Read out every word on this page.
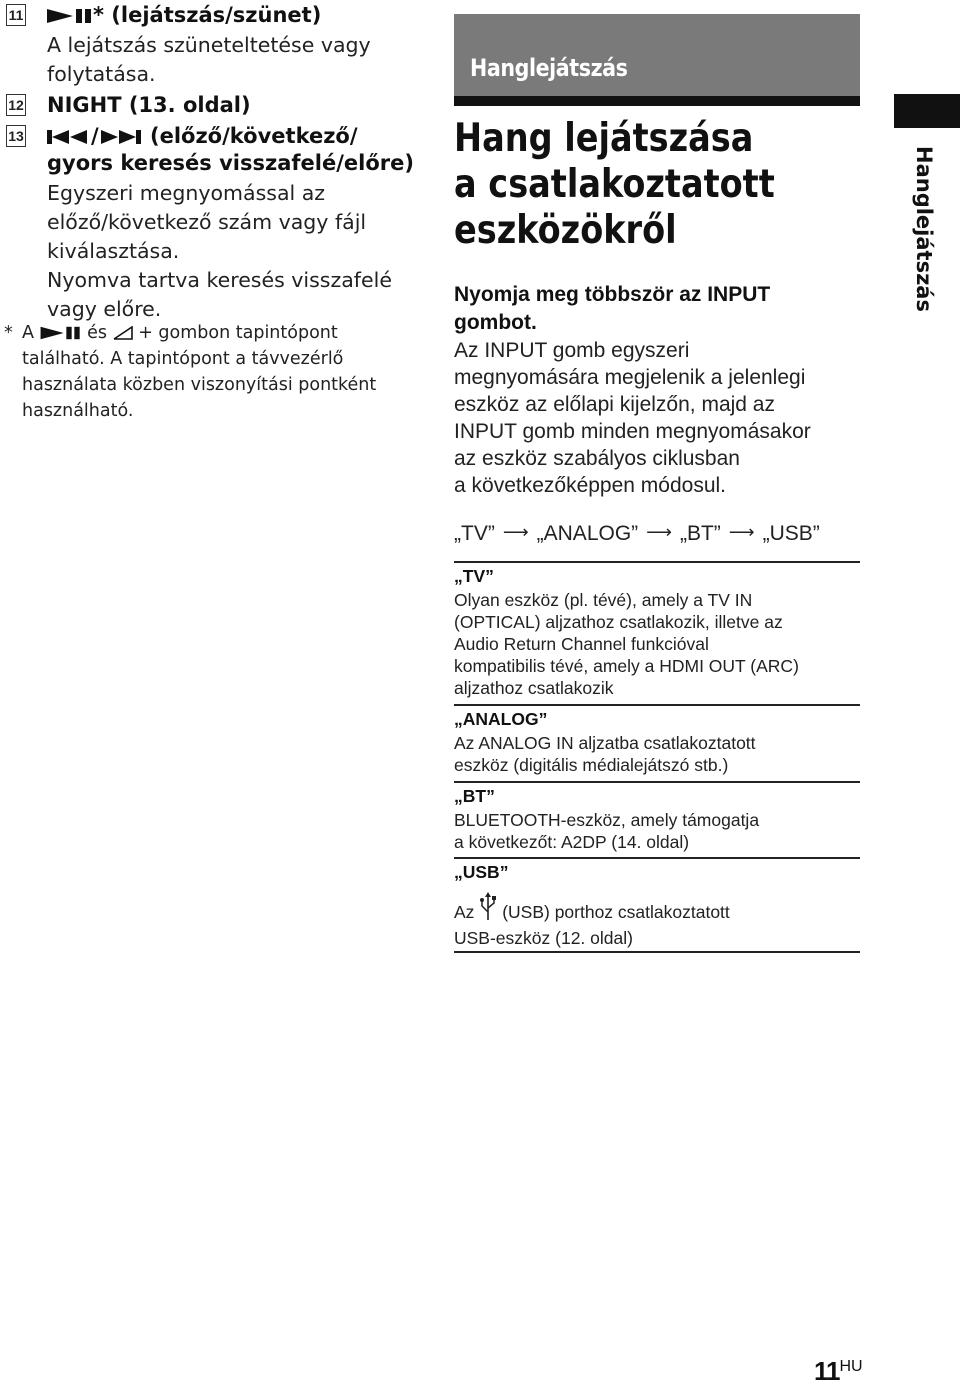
11	* (lejátszás/szünet)
A lejátszás szüneteltetése vagy
folytatása.
12 NIGHT (13. oldal)
13	/ (előző/következő/
gyors keresés visszafelé/előre)
Egyszeri megnyomással az
előző/következő szám vagy fájl
kiválasztása.
Nyomva tartva keresés visszafelé
vagy előre.
* A	és + gombon tapintópont
található. A tapintópont a távvezérlő
használata közben viszonyítási pontként
használható.
Hanglejátszás
Hang lejátszása
a csatlakoztatott
eszközökről
Nyomja meg többször az INPUT
gombot.
Az INPUT gomb egyszeri
megnyomására megjelenik a jelenlegi
eszköz az előlapi kijelzőn, majd az
INPUT gomb minden megnyomásakor
az eszköz szabályos ciklusban
a következőképpen módosul.
„TV” ⟶ „ANALOG” ⟶ „BT” ⟶ „USB”
„TV”
Olyan eszköz (pl. tévé), amely a TV IN
(OPTICAL) aljzathoz csatlakozik, illetve az
Audio Return Channel funkcióval
kompatibilis tévé, amely a HDMI OUT (ARC)
aljzathoz csatlakozik
„ANALOG”
Az ANALOG IN aljzatba csatlakoztatott
eszköz (digitális médialejátszó stb.)
„BT”
BLUETOOTH-eszköz, amely támogatja
a következőt: A2DP (14. oldal)
„USB”
Az (USB) porthoz csatlakoztatott
USB-eszköz (12. oldal)
Hanglejátszás
11HU
